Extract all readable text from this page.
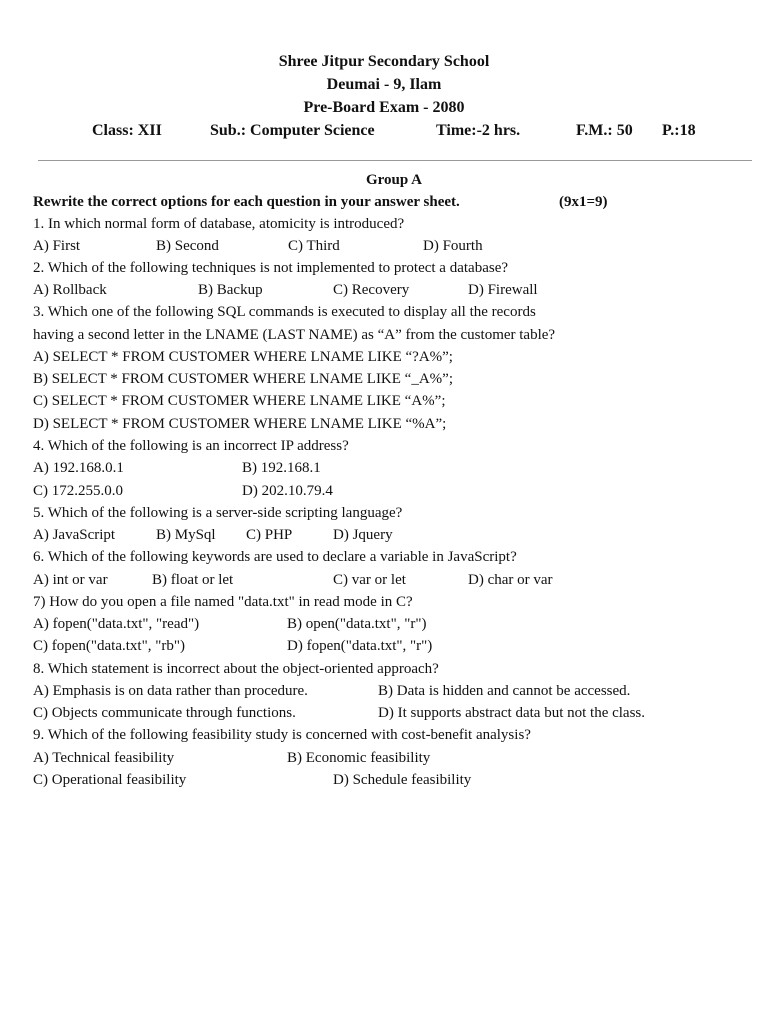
Shree Jitpur Secondary School
Deumai - 9, Ilam
Pre-Board Exam - 2080
Class: XII	Sub.: Computer Science	Time:-2 hrs.	F.M.: 50 P.:18
Group A
Rewrite the correct options for each question in your answer sheet.	(9x1=9)
1. In which normal form of database, atomicity is introduced?
A) First	B) Second	C) Third	D) Fourth
2. Which of the following techniques is not implemented to protect a database?
A) Rollback	B) Backup	C) Recovery	D) Firewall
3. Which one of the following SQL commands is executed to display all the records
having a second letter in the LNAME (LAST NAME) as “A” from the customer table?
A) SELECT * FROM CUSTOMER WHERE LNAME LIKE “?A%”;
B) SELECT * FROM CUSTOMER WHERE LNAME LIKE “_A%”;
C) SELECT * FROM CUSTOMER WHERE LNAME LIKE “A%”;
D) SELECT * FROM CUSTOMER WHERE LNAME LIKE “%A”;
4. Which of the following is an incorrect IP address?
A) 192.168.0.1	B) 192.168.1
C) 172.255.0.0	D) 202.10.79.4
5. Which of the following is a server-side scripting language?
A) JavaScript	B) MySql C) PHP	D) Jquery
6. Which of the following keywords are used to declare a variable in JavaScript?
A) int or var	B) float or let	C) var or let	D) char or var
7) How do you open a file named "data.txt" in read mode in C?
A) fopen("data.txt", "read")	B) open("data.txt", "r")
C) fopen("data.txt", "rb")	D) fopen("data.txt", "r")
8. Which statement is incorrect about the object-oriented approach?
A) Emphasis is on data rather than procedure.	B) Data is hidden and cannot be accessed.
C) Objects communicate through functions.	D) It supports abstract data but not the class.
9. Which of the following feasibility study is concerned with cost-benefit analysis?
A) Technical feasibility	B) Economic feasibility
C) Operational feasibility	D) Schedule feasibility
